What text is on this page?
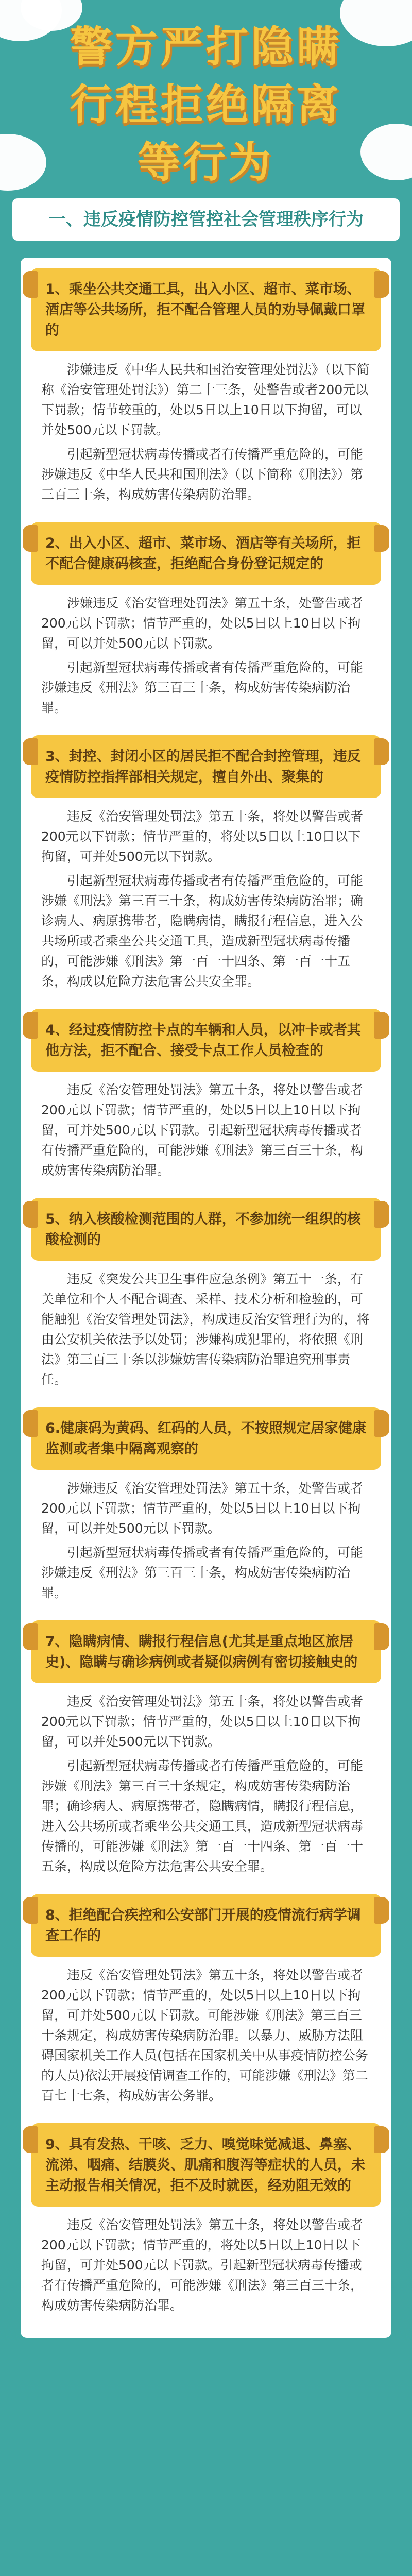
警方严打隐瞒
行程拒绝隔离
等行为
一、违反疫情防控管控社会管理秩序行为
1、乘坐公共交通工具，出入小区、超市、菜市场、酒店等公共场所，拒不配合管理人员的劝导佩戴口罩的

涉嫌违反《中华人民共和国治安管理处罚法》（以下简称《治安管理处罚法》）第二十三条，处警告或者200元以下罚款；情节较重的，处以5日以上10日以下拘留，可以并处500元以下罚款。

引起新型冠状病毒传播或者有传播严重危险的，可能涉嫌违反《中华人民共和国刑法》（以下简称《刑法》）第三百三十条，构成妨害传染病防治罪。

2、出入小区、超市、菜市场、酒店等有关场所，拒不配合健康码核查，拒绝配合身份登记规定的

涉嫌违反《治安管理处罚法》第五十条，处警告或者200元以下罚款；情节严重的，处以5日以上10日以下拘留，可以并处500元以下罚款。

引起新型冠状病毒传播或者有传播严重危险的，可能涉嫌违反《刑法》第三百三十条，构成妨害传染病防治罪。

3、封控、封闭小区的居民拒不配合封控管理，违反疫情防控指挥部相关规定，擅自外出、聚集的

违反《治安管理处罚法》第五十条，将处以警告或者200元以下罚款；情节严重的，将处以5日以上10日以下拘留，可并处500元以下罚款。

引起新型冠状病毒传播或者有传播严重危险的，可能涉嫌《刑法》第三百三十条，构成妨害传染病防治罪；确诊病人、病原携带者，隐瞒病情，瞒报行程信息，进入公共场所或者乘坐公共交通工具，造成新型冠状病毒传播的，可能涉嫌《刑法》第一百一十四条、第一百一十五条，构成以危险方法危害公共安全罪。

4、经过疫情防控卡点的车辆和人员，以冲卡或者其他方法，拒不配合、接受卡点工作人员检查的

违反《治安管理处罚法》第五十条，将处以警告或者200元以下罚款；情节严重的，处以5日以上10日以下拘留，可并处500元以下罚款。引起新型冠状病毒传播或者有传播严重危险的，可能涉嫌《刑法》第三百三十条，构成妨害传染病防治罪。

5、纳入核酸检测范围的人群，不参加统一组织的核酸检测的

违反《突发公共卫生事件应急条例》第五十一条，有关单位和个人不配合调查、采样、技术分析和检验的，可能触犯《治安管理处罚法》，构成违反治安管理行为的，将由公安机关依法予以处罚；涉嫌构成犯罪的，将依照《刑法》第三百三十条以涉嫌妨害传染病防治罪追究刑事责任。

6.健康码为黄码、红码的人员，不按照规定居家健康监测或者集中隔离观察的

涉嫌违反《治安管理处罚法》第五十条，处警告或者200元以下罚款；情节严重的，处以5日以上10日以下拘留，可以并处500元以下罚款。

引起新型冠状病毒传播或者有传播严重危险的，可能涉嫌违反《刑法》第三百三十条，构成妨害传染病防治罪。

7、隐瞒病情、瞒报行程信息(尤其是重点地区旅居史)、隐瞒与确诊病例或者疑似病例有密切接触史的

违反《治安管理处罚法》第五十条，将处以警告或者200元以下罚款；情节严重的，处以5日以上10日以下拘留，可以并处500元以下罚款。

引起新型冠状病毒传播或者有传播严重危险的，可能涉嫌《刑法》第三百三十条规定，构成妨害传染病防治罪；确诊病人、病原携带者，隐瞒病情，瞒报行程信息，进入公共场所或者乘坐公共交通工具，造成新型冠状病毒传播的，可能涉嫌《刑法》第一百一十四条、第一百一十五条，构成以危险方法危害公共安全罪。

8、拒绝配合疾控和公安部门开展的疫情流行病学调查工作的

违反《治安管理处罚法》第五十条，将处以警告或者200元以下罚款；情节严重的，处以5日以上10日以下拘留，可并处500元以下罚款。可能涉嫌《刑法》第三百三十条规定，构成妨害传染病防治罪。以暴力、威胁方法阻碍国家机关工作人员(包括在国家机关中从事疫情防控公务的人员)依法开展疫情调查工作的，可能涉嫌《刑法》第二百七十七条，构成妨害公务罪。

9、具有发热、干咳、乏力、嗅觉味觉减退、鼻塞、流涕、咽痛、结膜炎、肌痛和腹泻等症状的人员，未主动报告相关情况，拒不及时就医，经劝阻无效的

违反《治安管理处罚法》第五十条，将处以警告或者200元以下罚款；情节严重的，将处以5日以上10日以下拘留，可并处500元以下罚款。引起新型冠状病毒传播或者有传播严重危险的，可能涉嫌《刑法》第三百三十条，构成妨害传染病防治罪。
